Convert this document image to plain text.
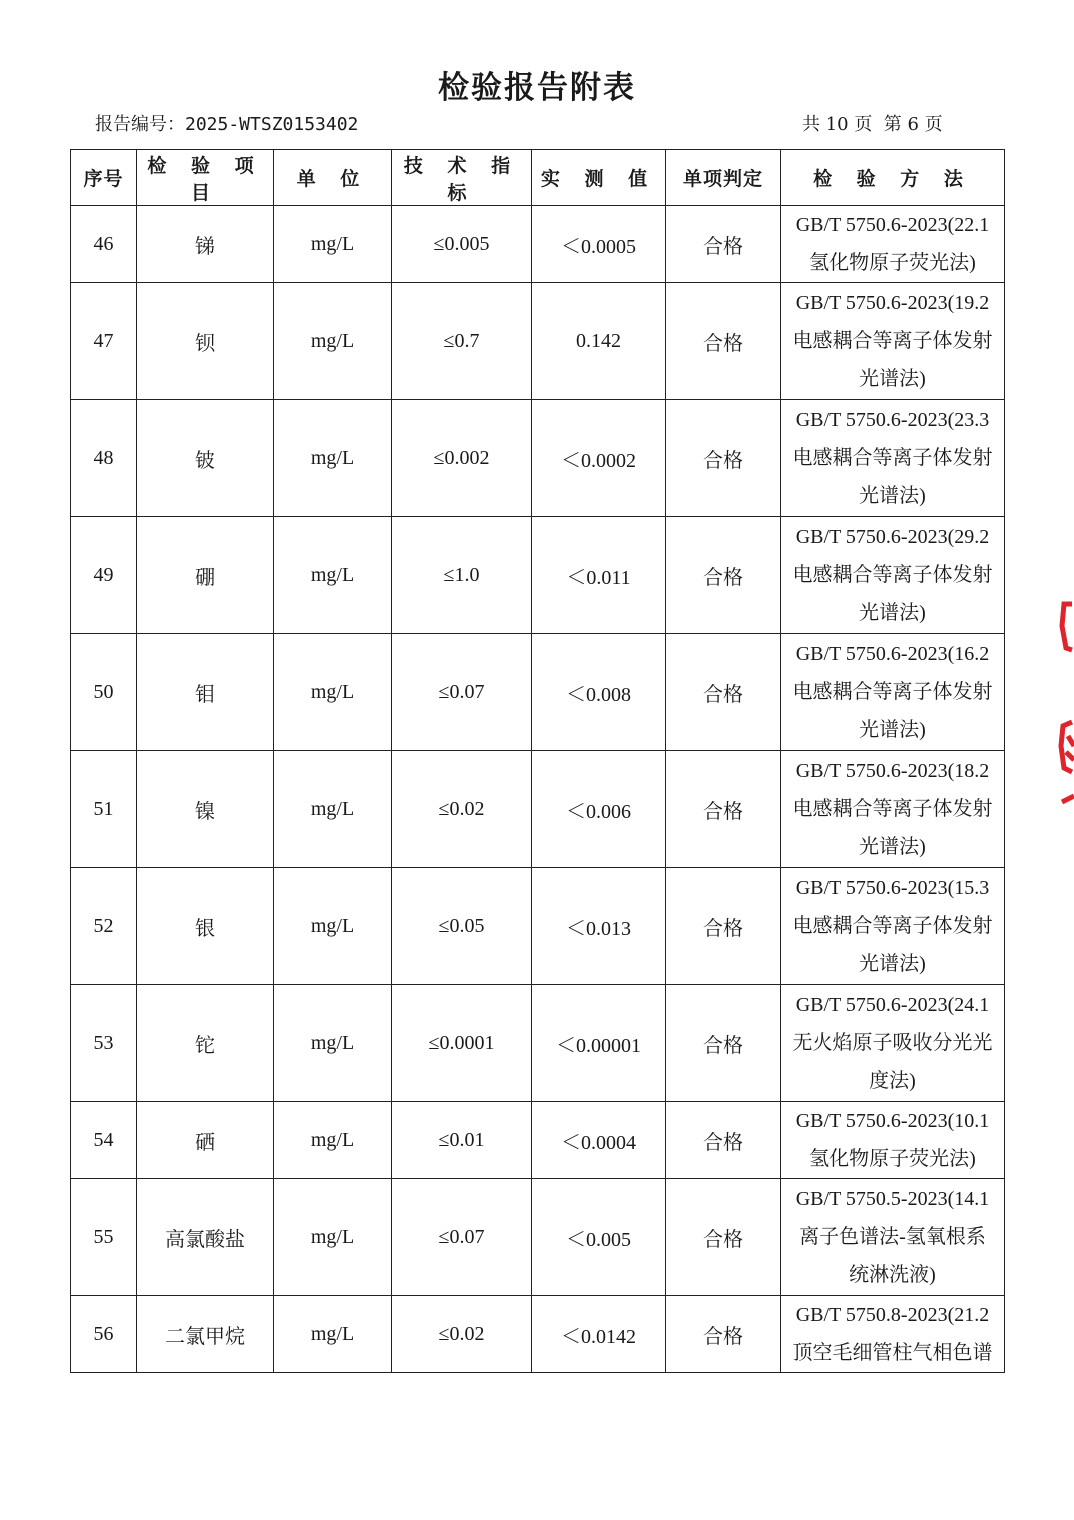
检验报告附表
报告编号：2025-WTSZ0153402	共 10 页  第 6 页
序号	检 验 项 目	单 位	技 术 指 标	实 测 值	单项判定	检 验 方 法
46	锑	mg/L	≤0.005	＜0.0005	合格	GB/T 5750.6-2023(22.1
氢化物原子荧光法)

47	钡	mg/L	≤0.7	0.142	合格	GB/T 5750.6-2023(19.2
电感耦合等离子体发射
光谱法)

48	铍	mg/L	≤0.002	＜0.0002	合格	GB/T 5750.6-2023(23.3
电感耦合等离子体发射
光谱法)

49	硼	mg/L	≤1.0	＜0.011	合格	GB/T 5750.6-2023(29.2
电感耦合等离子体发射
光谱法)

50	钼	mg/L	≤0.07	＜0.008	合格	GB/T 5750.6-2023(16.2
电感耦合等离子体发射
光谱法)

51	镍	mg/L	≤0.02	＜0.006	合格	GB/T 5750.6-2023(18.2
电感耦合等离子体发射
光谱法)

52	银	mg/L	≤0.05	＜0.013	合格	GB/T 5750.6-2023(15.3
电感耦合等离子体发射
光谱法)

53	铊	mg/L	≤0.0001	＜0.00001	合格	GB/T 5750.6-2023(24.1
无火焰原子吸收分光光
度法)

54	硒	mg/L	≤0.01	＜0.0004	合格	GB/T 5750.6-2023(10.1
氢化物原子荧光法)

55	高氯酸盐	mg/L	≤0.07	＜0.005	合格	GB/T 5750.5-2023(14.1
离子色谱法-氢氧根系
统淋洗液)

56	二氯甲烷	mg/L	≤0.02	＜0.0142	合格	GB/T 5750.8-2023(21.2
顶空毛细管柱气相色谱
